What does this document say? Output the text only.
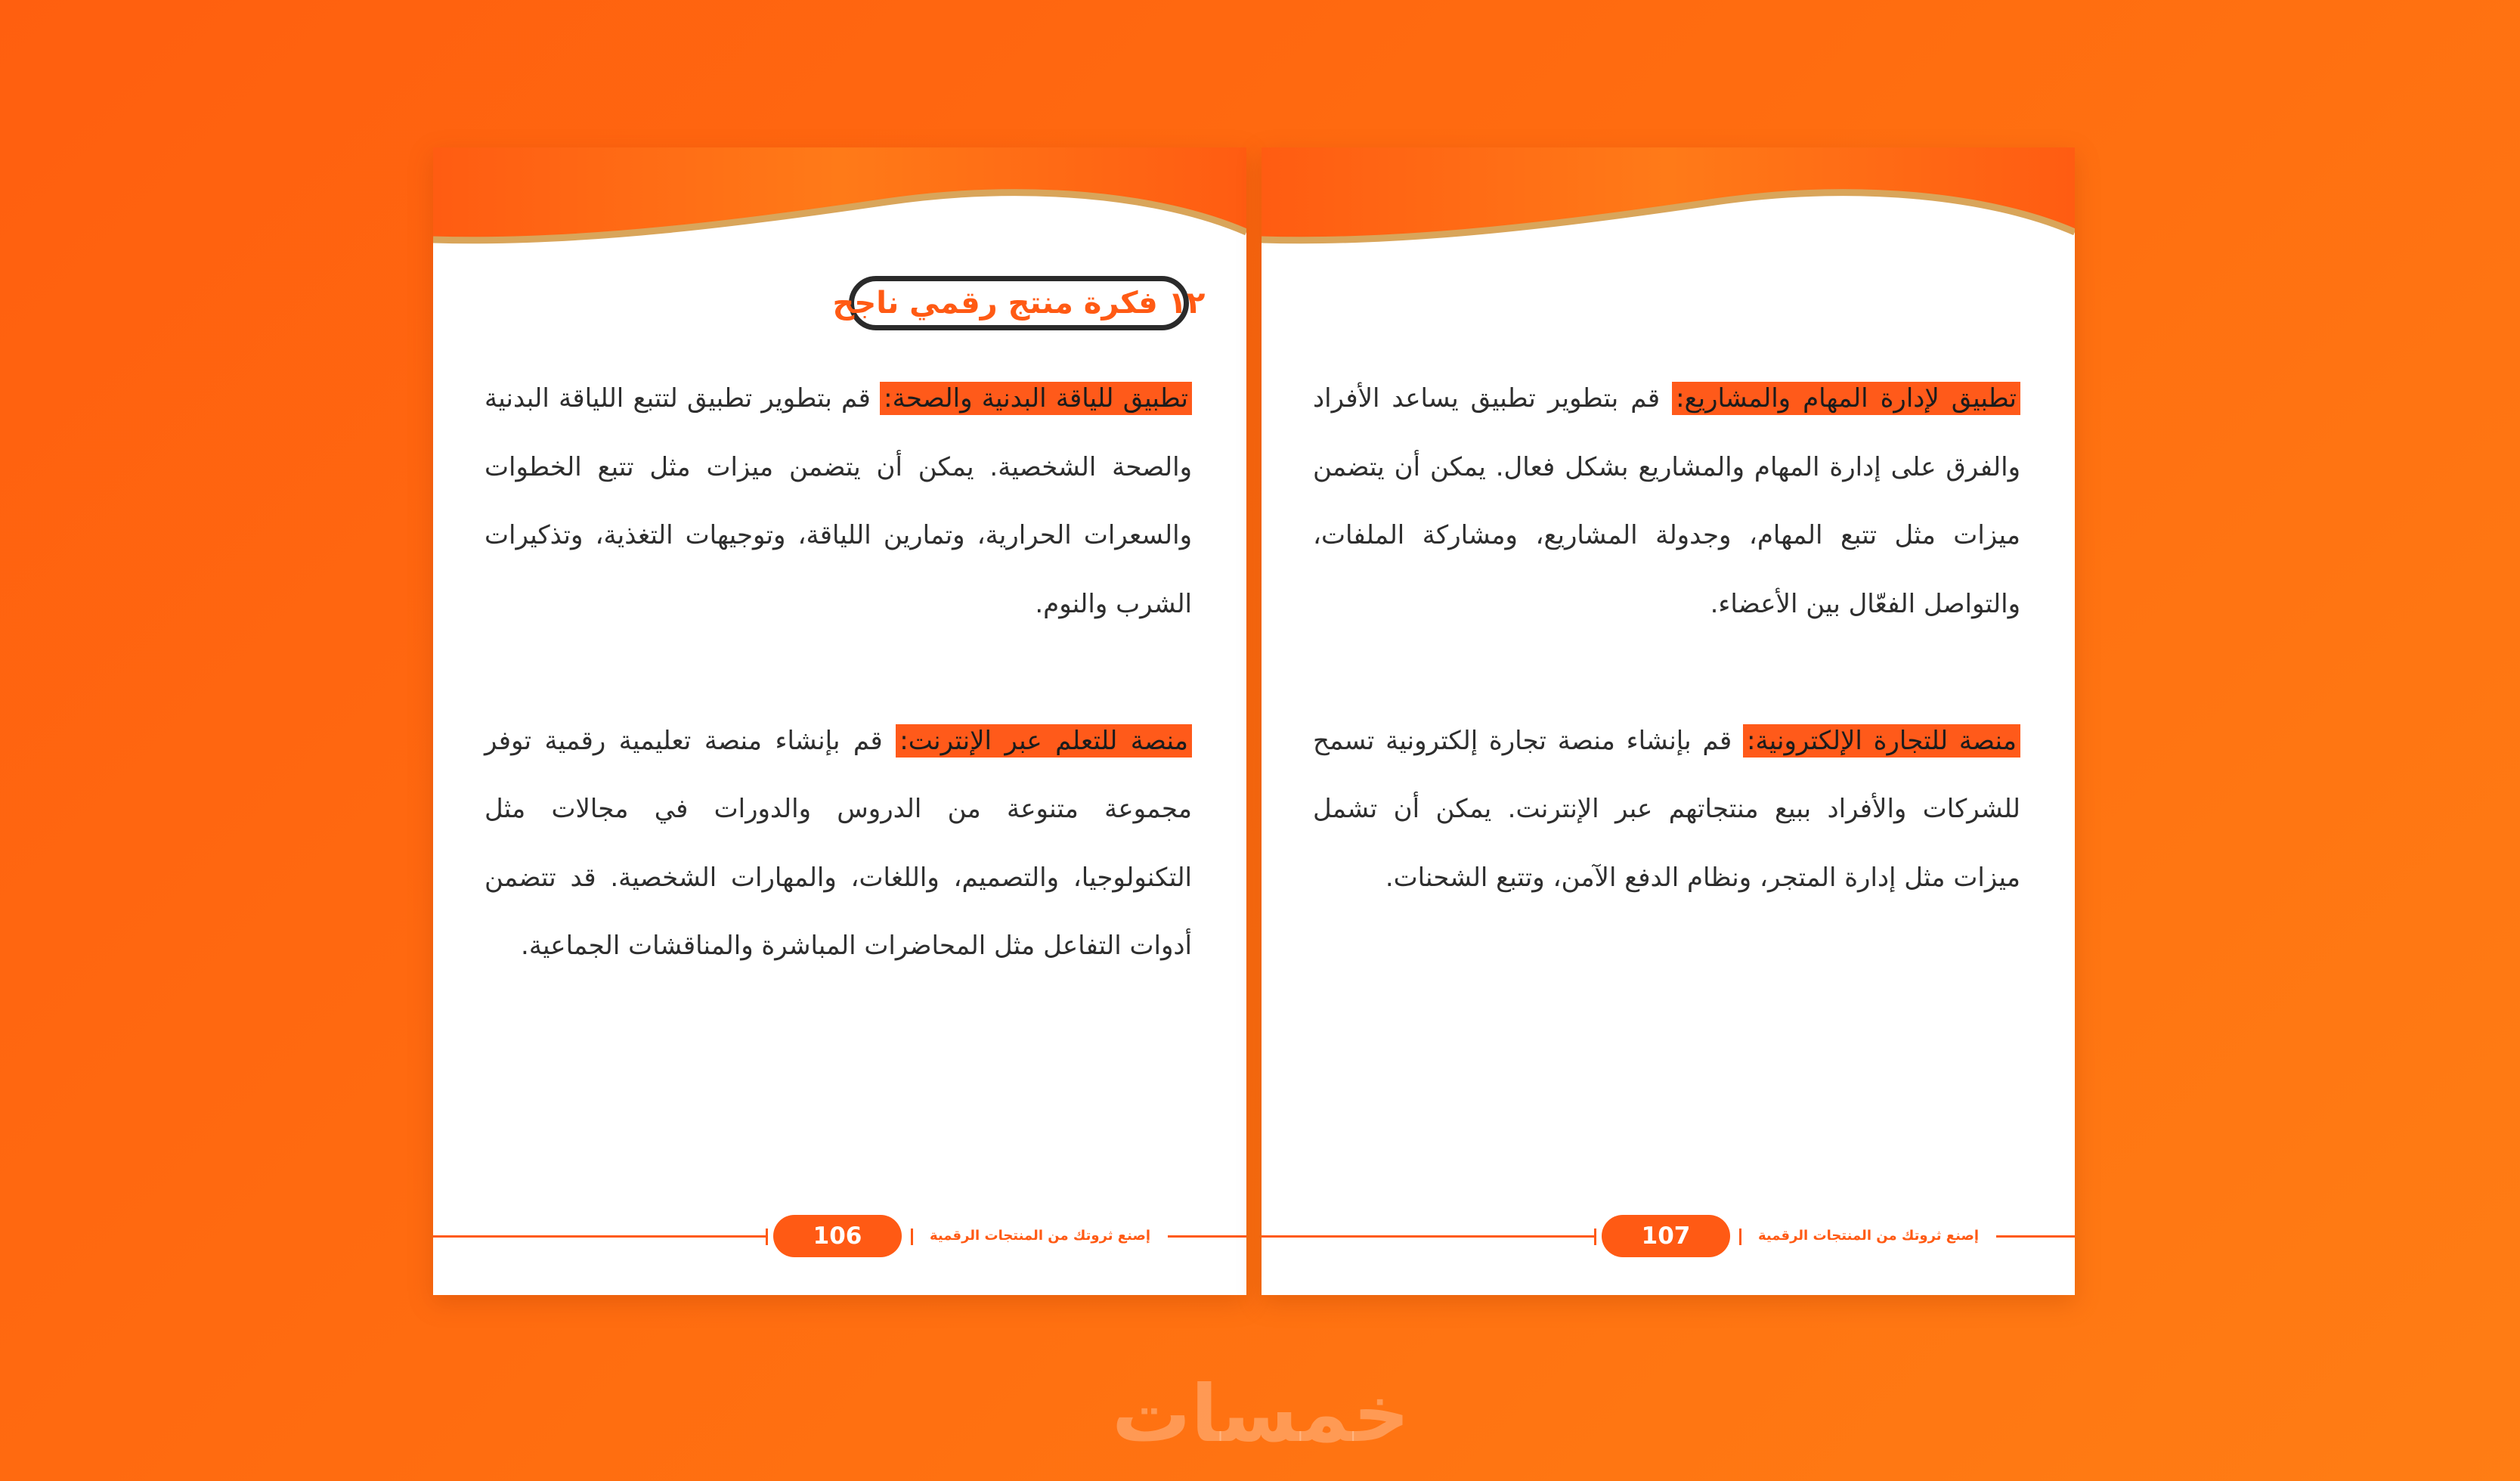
١٢ فكرة منتج رقمي ناجح

تطبيق للياقة البدنية والصحة: قم بتطوير تطبيق لتتبع اللياقة البدنية والصحة الشخصية. يمكن أن يتضمن ميزات مثل تتبع الخطوات والسعرات الحرارية، وتمارين اللياقة، وتوجيهات التغذية، وتذكيرات الشرب والنوم.

منصة للتعلم عبر الإنترنت: قم بإنشاء منصة تعليمية رقمية توفر مجموعة متنوعة من الدروس والدورات في مجالات مثل التكنولوجيا، والتصميم، واللغات، والمهارات الشخصية. قد تتضمن أدوات التفاعل مثل المحاضرات المباشرة والمناقشات الجماعية.

106	إصنع ثروتك من المنتجات الرقمية

تطبيق لإدارة المهام والمشاريع: قم بتطوير تطبيق يساعد الأفراد والفرق على إدارة المهام والمشاريع بشكل فعال. يمكن أن يتضمن ميزات مثل تتبع المهام، وجدولة المشاريع، ومشاركة الملفات، والتواصل الفعّال بين الأعضاء.

منصة للتجارة الإلكترونية: قم بإنشاء منصة تجارة إلكترونية تسمح للشركات والأفراد ببيع منتجاتهم عبر الإنترنت. يمكن أن تشمل ميزات مثل إدارة المتجر، ونظام الدفع الآمن، وتتبع الشحنات.

107	إصنع ثروتك من المنتجات الرقمية
خمسات
